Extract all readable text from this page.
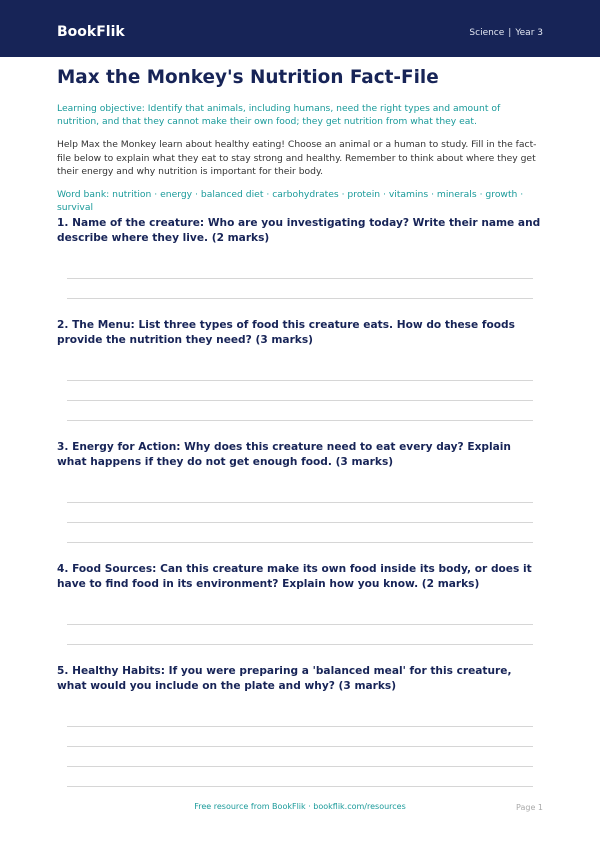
BookFlik	Science | Year 3
Max the Monkey's Nutrition Fact-File

Learning objective: Identify that animals, including humans, need the right types and amount of nutrition, and that they cannot make their own food; they get nutrition from what they eat.

Help Max the Monkey learn about healthy eating! Choose an animal or a human to study. Fill in the fact-file below to explain what they eat to stay strong and healthy. Remember to think about where they get their energy and why nutrition is important for their body.

Word bank: nutrition · energy · balanced diet · carbohydrates · protein · vitamins · minerals · growth · survival

1. Name of the creature: Who are you investigating today? Write their name and describe where they live. (2 marks)

2. The Menu: List three types of food this creature eats. How do these foods provide the nutrition they need? (3 marks)

3. Energy for Action: Why does this creature need to eat every day? Explain what happens if they do not get enough food. (3 marks)

4. Food Sources: Can this creature make its own food inside its body, or does it have to find food in its environment? Explain how you know. (2 marks)

5. Healthy Habits: If you were preparing a 'balanced meal' for this creature, what would you include on the plate and why? (3 marks)

Free resource from BookFlik · bookflik.com/resources	Page 1
